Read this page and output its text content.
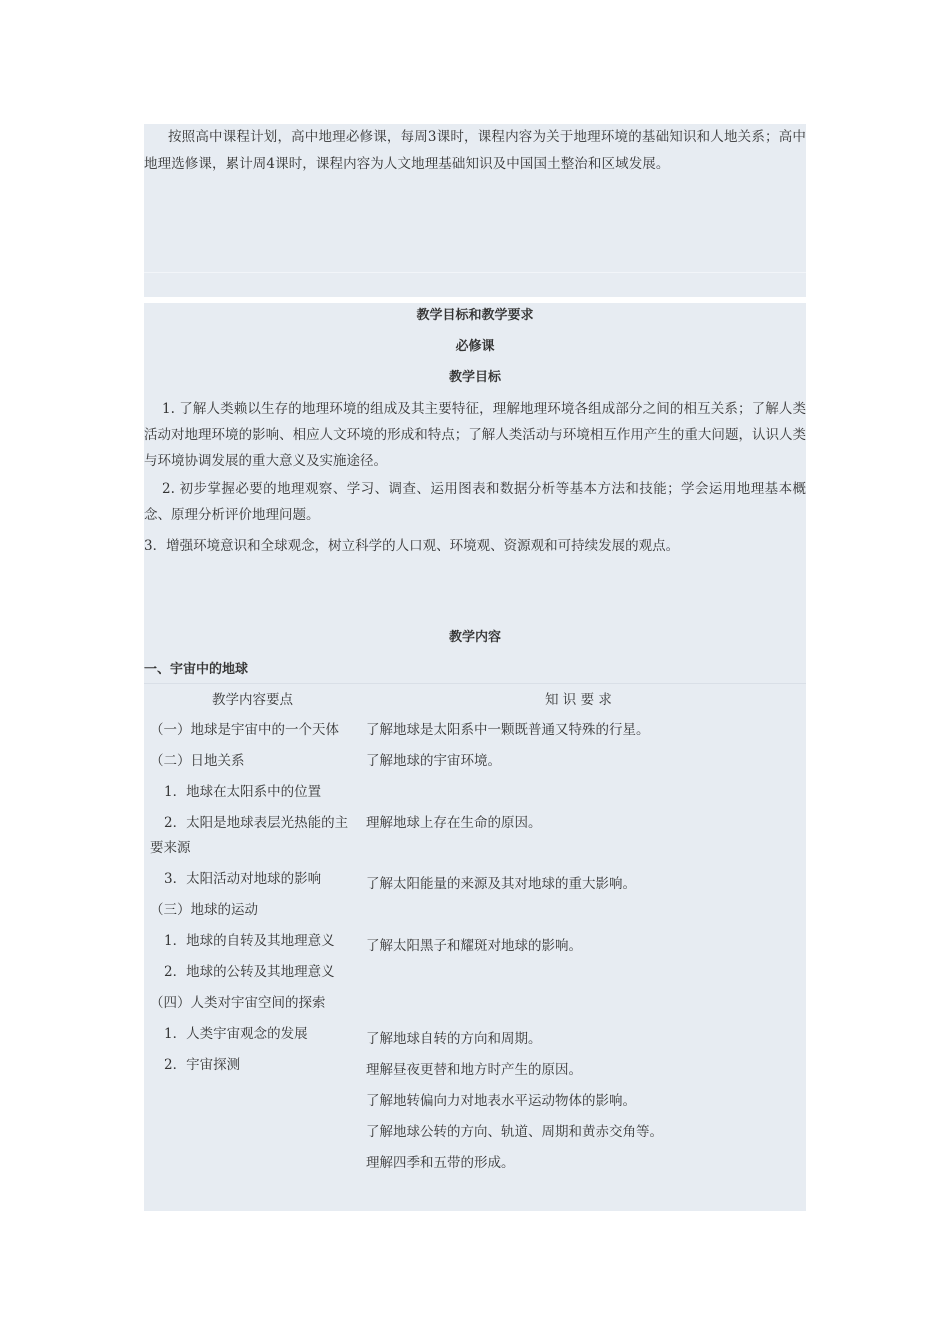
按照高中课程计划，高中地理必修课，每周3课时，课程内容为关于地理环境的基础知识和人地关系；高中地理选修课，累计周4课时，课程内容为人文地理基础知识及中国国土整治和区域发展。

教学目标和教学要求

必修课

教学目标

1. 了解人类赖以生存的地理环境的组成及其主要特征，理解地理环境各组成部分之间的相互关系；了解人类活动对地理环境的影响、相应人文环境的形成和特点；了解人类活动与环境相互作用产生的重大问题，认识人类与环境协调发展的重大意义及实施途径。

2. 初步掌握必要的地理观察、学习、调查、运用图表和数据分析等基本方法和技能；学会运用地理基本概念、原理分析评价地理问题。

3．增强环境意识和全球观念，树立科学的人口观、环境观、资源观和可持续发展的观点。

教学内容

一、宇宙中的地球

教学内容要点	知 识 要 求

（一）地球是宇宙中的一个天体

（二）日地关系

1．地球在太阳系中的位置

2．太阳是地球表层光热能的主

要来源

3．太阳活动对地球的影响

（三）地球的运动

1．地球的自转及其地理意义

2．地球的公转及其地理意义

（四）人类对宇宙空间的探索

1．人类宇宙观念的发展

2．宇宙探测

了解地球是太阳系中一颗既普通又特殊的行星。

了解地球的宇宙环境。

理解地球上存在生命的原因。

了解太阳能量的来源及其对地球的重大影响。

了解太阳黑子和耀斑对地球的影响。

了解地球自转的方向和周期。

理解昼夜更替和地方时产生的原因。

了解地转偏向力对地表水平运动物体的影响。

了解地球公转的方向、轨道、周期和黄赤交角等。

理解四季和五带的形成。
